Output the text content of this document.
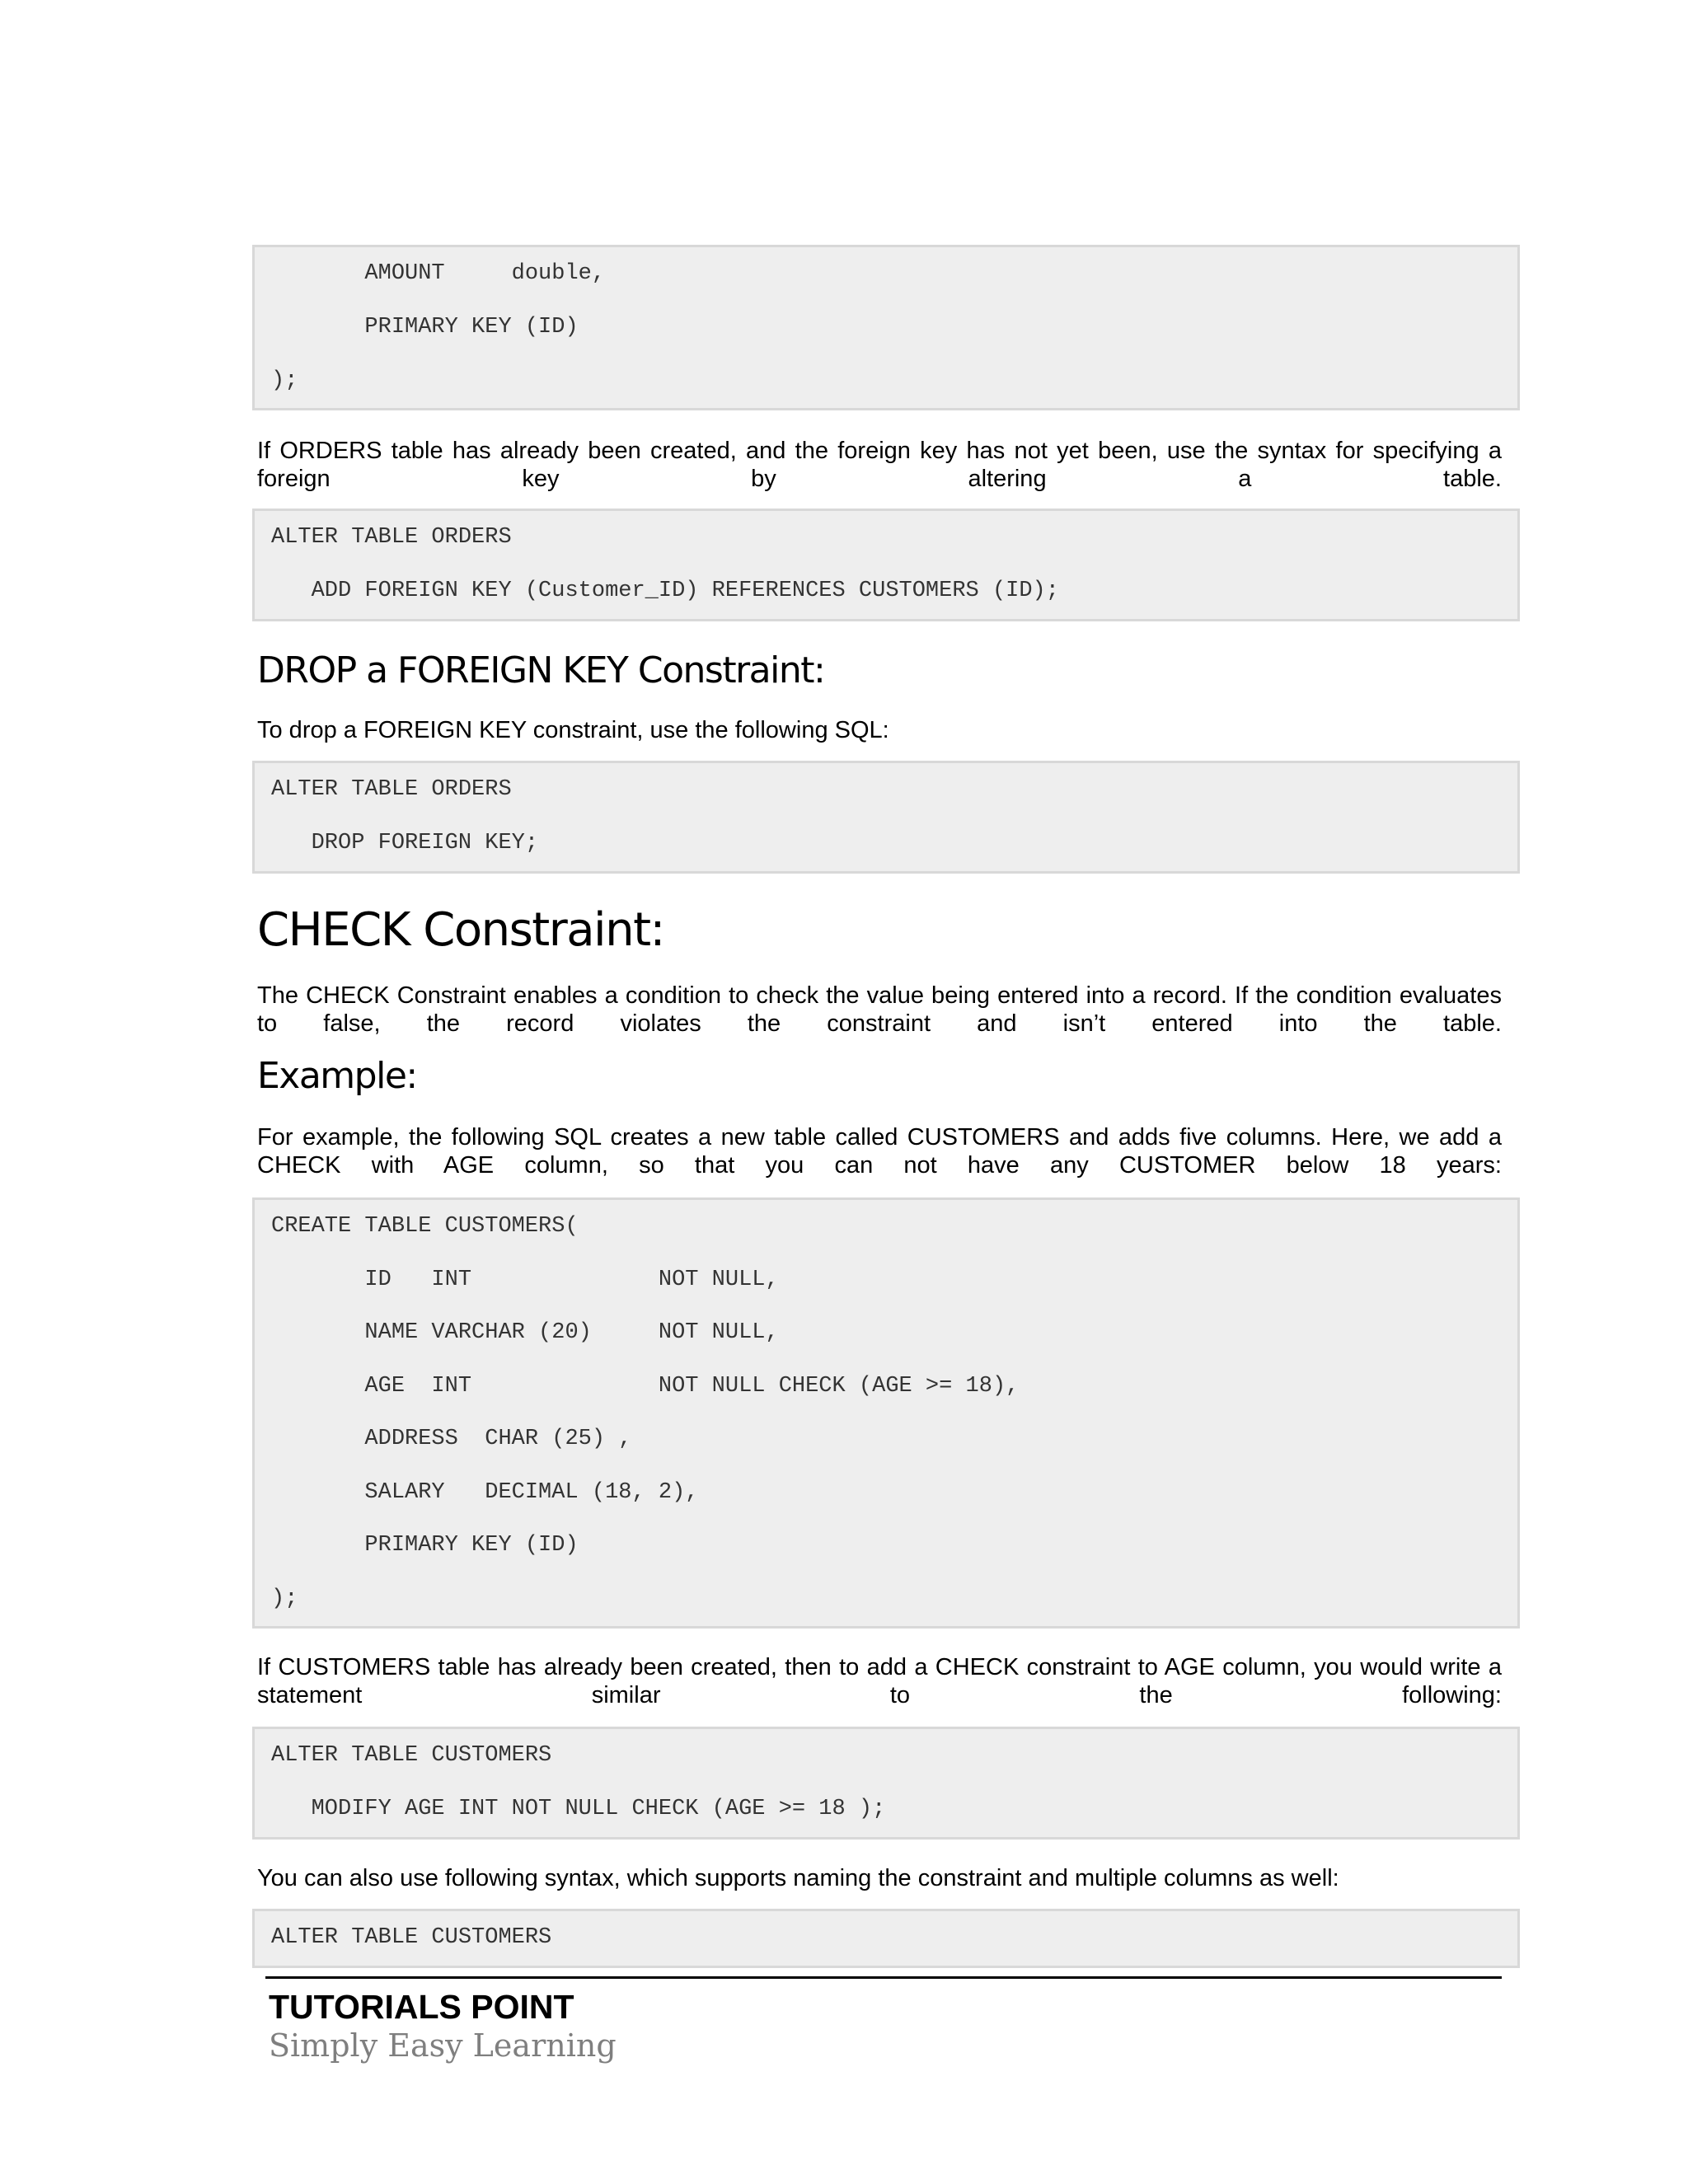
AMOUNT     double,

PRIMARY KEY (ID)

);

If ORDERS table has already been created, and the foreign key has not yet been, use the syntax for specifying a foreign key by altering a table.

ALTER TABLE ORDERS

ADD FOREIGN KEY (Customer_ID) REFERENCES CUSTOMERS (ID);

DROP a FOREIGN KEY Constraint:

To drop a FOREIGN KEY constraint, use the following SQL:

ALTER TABLE ORDERS

DROP FOREIGN KEY;

CHECK Constraint:

The CHECK Constraint enables a condition to check the value being entered into a record. If the condition evaluates to false, the record violates the constraint and isn’t entered into the table.

Example:

For example, the following SQL creates a new table called CUSTOMERS and adds five columns. Here, we add a CHECK with AGE column, so that you can not have any CUSTOMER below 18 years:

CREATE TABLE CUSTOMERS(

ID   INT              NOT NULL,

NAME VARCHAR (20)     NOT NULL,

AGE  INT              NOT NULL CHECK (AGE >= 18),

ADDRESS  CHAR (25) ,

SALARY   DECIMAL (18, 2),

PRIMARY KEY (ID)

);

If CUSTOMERS table has already been created, then to add a CHECK constraint to AGE column, you would write a statement similar to the following:

ALTER TABLE CUSTOMERS

MODIFY AGE INT NOT NULL CHECK (AGE >= 18 );

You can also use following syntax, which supports naming the constraint and multiple columns as well:

ALTER TABLE CUSTOMERS

TUTORIALS POINT
Simply Easy Learning
